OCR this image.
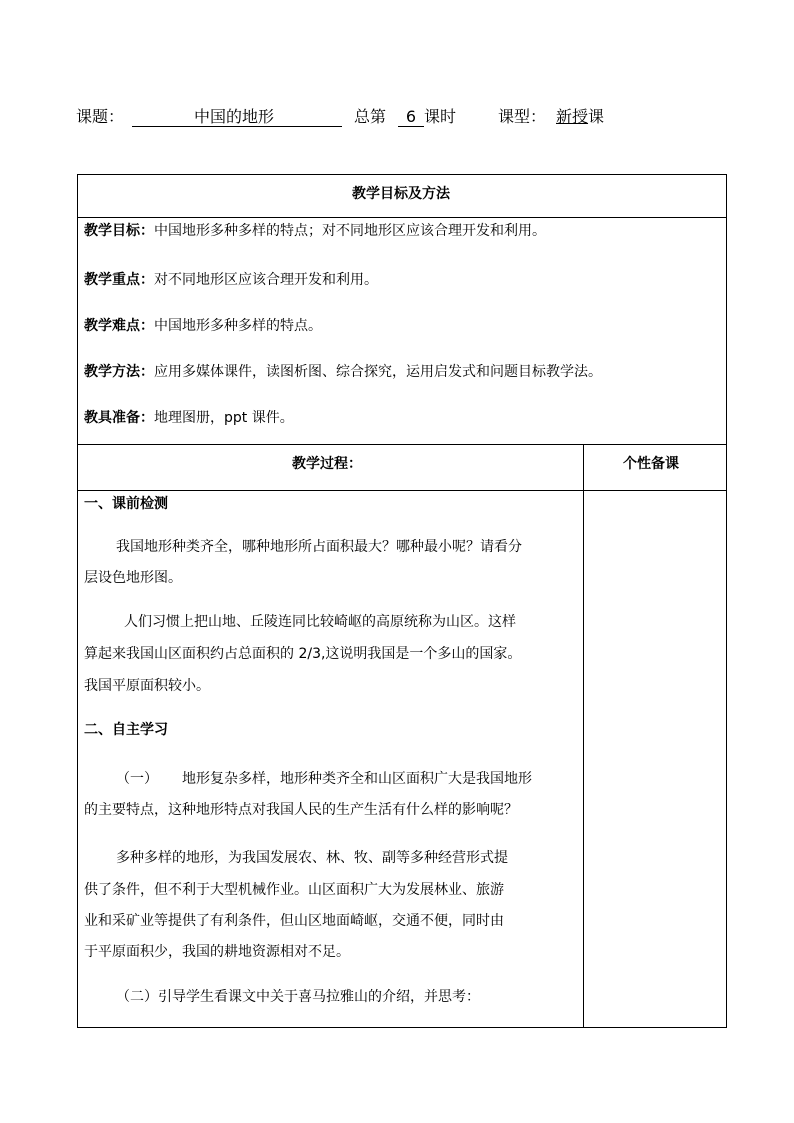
课题：	中国的地形	总第	6 课时	课型： 新授课
教学目标及方法
教学目标：中国地形多种多样的特点；对不同地形区应该合理开发和利用。
教学重点：对不同地形区应该合理开发和利用。
教学难点：中国地形多种多样的特点。
教学方法：应用多媒体课件，读图析图、综合探究，运用启发式和问题目标教学法。
教具准备：地理图册，ppt 课件。
教学过程：	个性备课
一、课前检测
我国地形种类齐全，哪种地形所占面积最大？哪种最小呢？请看分
层设色地形图。
人们习惯上把山地、丘陵连同比较崎岖的高原统称为山区。这样
算起来我国山区面积约占总面积的 2/3,这说明我国是一个多山的国家。
我国平原面积较小。
二、自主学习
（一） 地形复杂多样，地形种类齐全和山区面积广大是我国地形
的主要特点，这种地形特点对我国人民的生产生活有什么样的影响呢？
多种多样的地形，为我国发展农、林、牧、副等多种经营形式提
供了条件，但不利于大型机械作业。山区面积广大为发展林业、旅游
业和采矿业等提供了有利条件，但山区地面崎岖，交通不便，同时由
于平原面积少，我国的耕地资源相对不足。
（二）引导学生看课文中关于喜马拉雅山的介绍，并思考：
